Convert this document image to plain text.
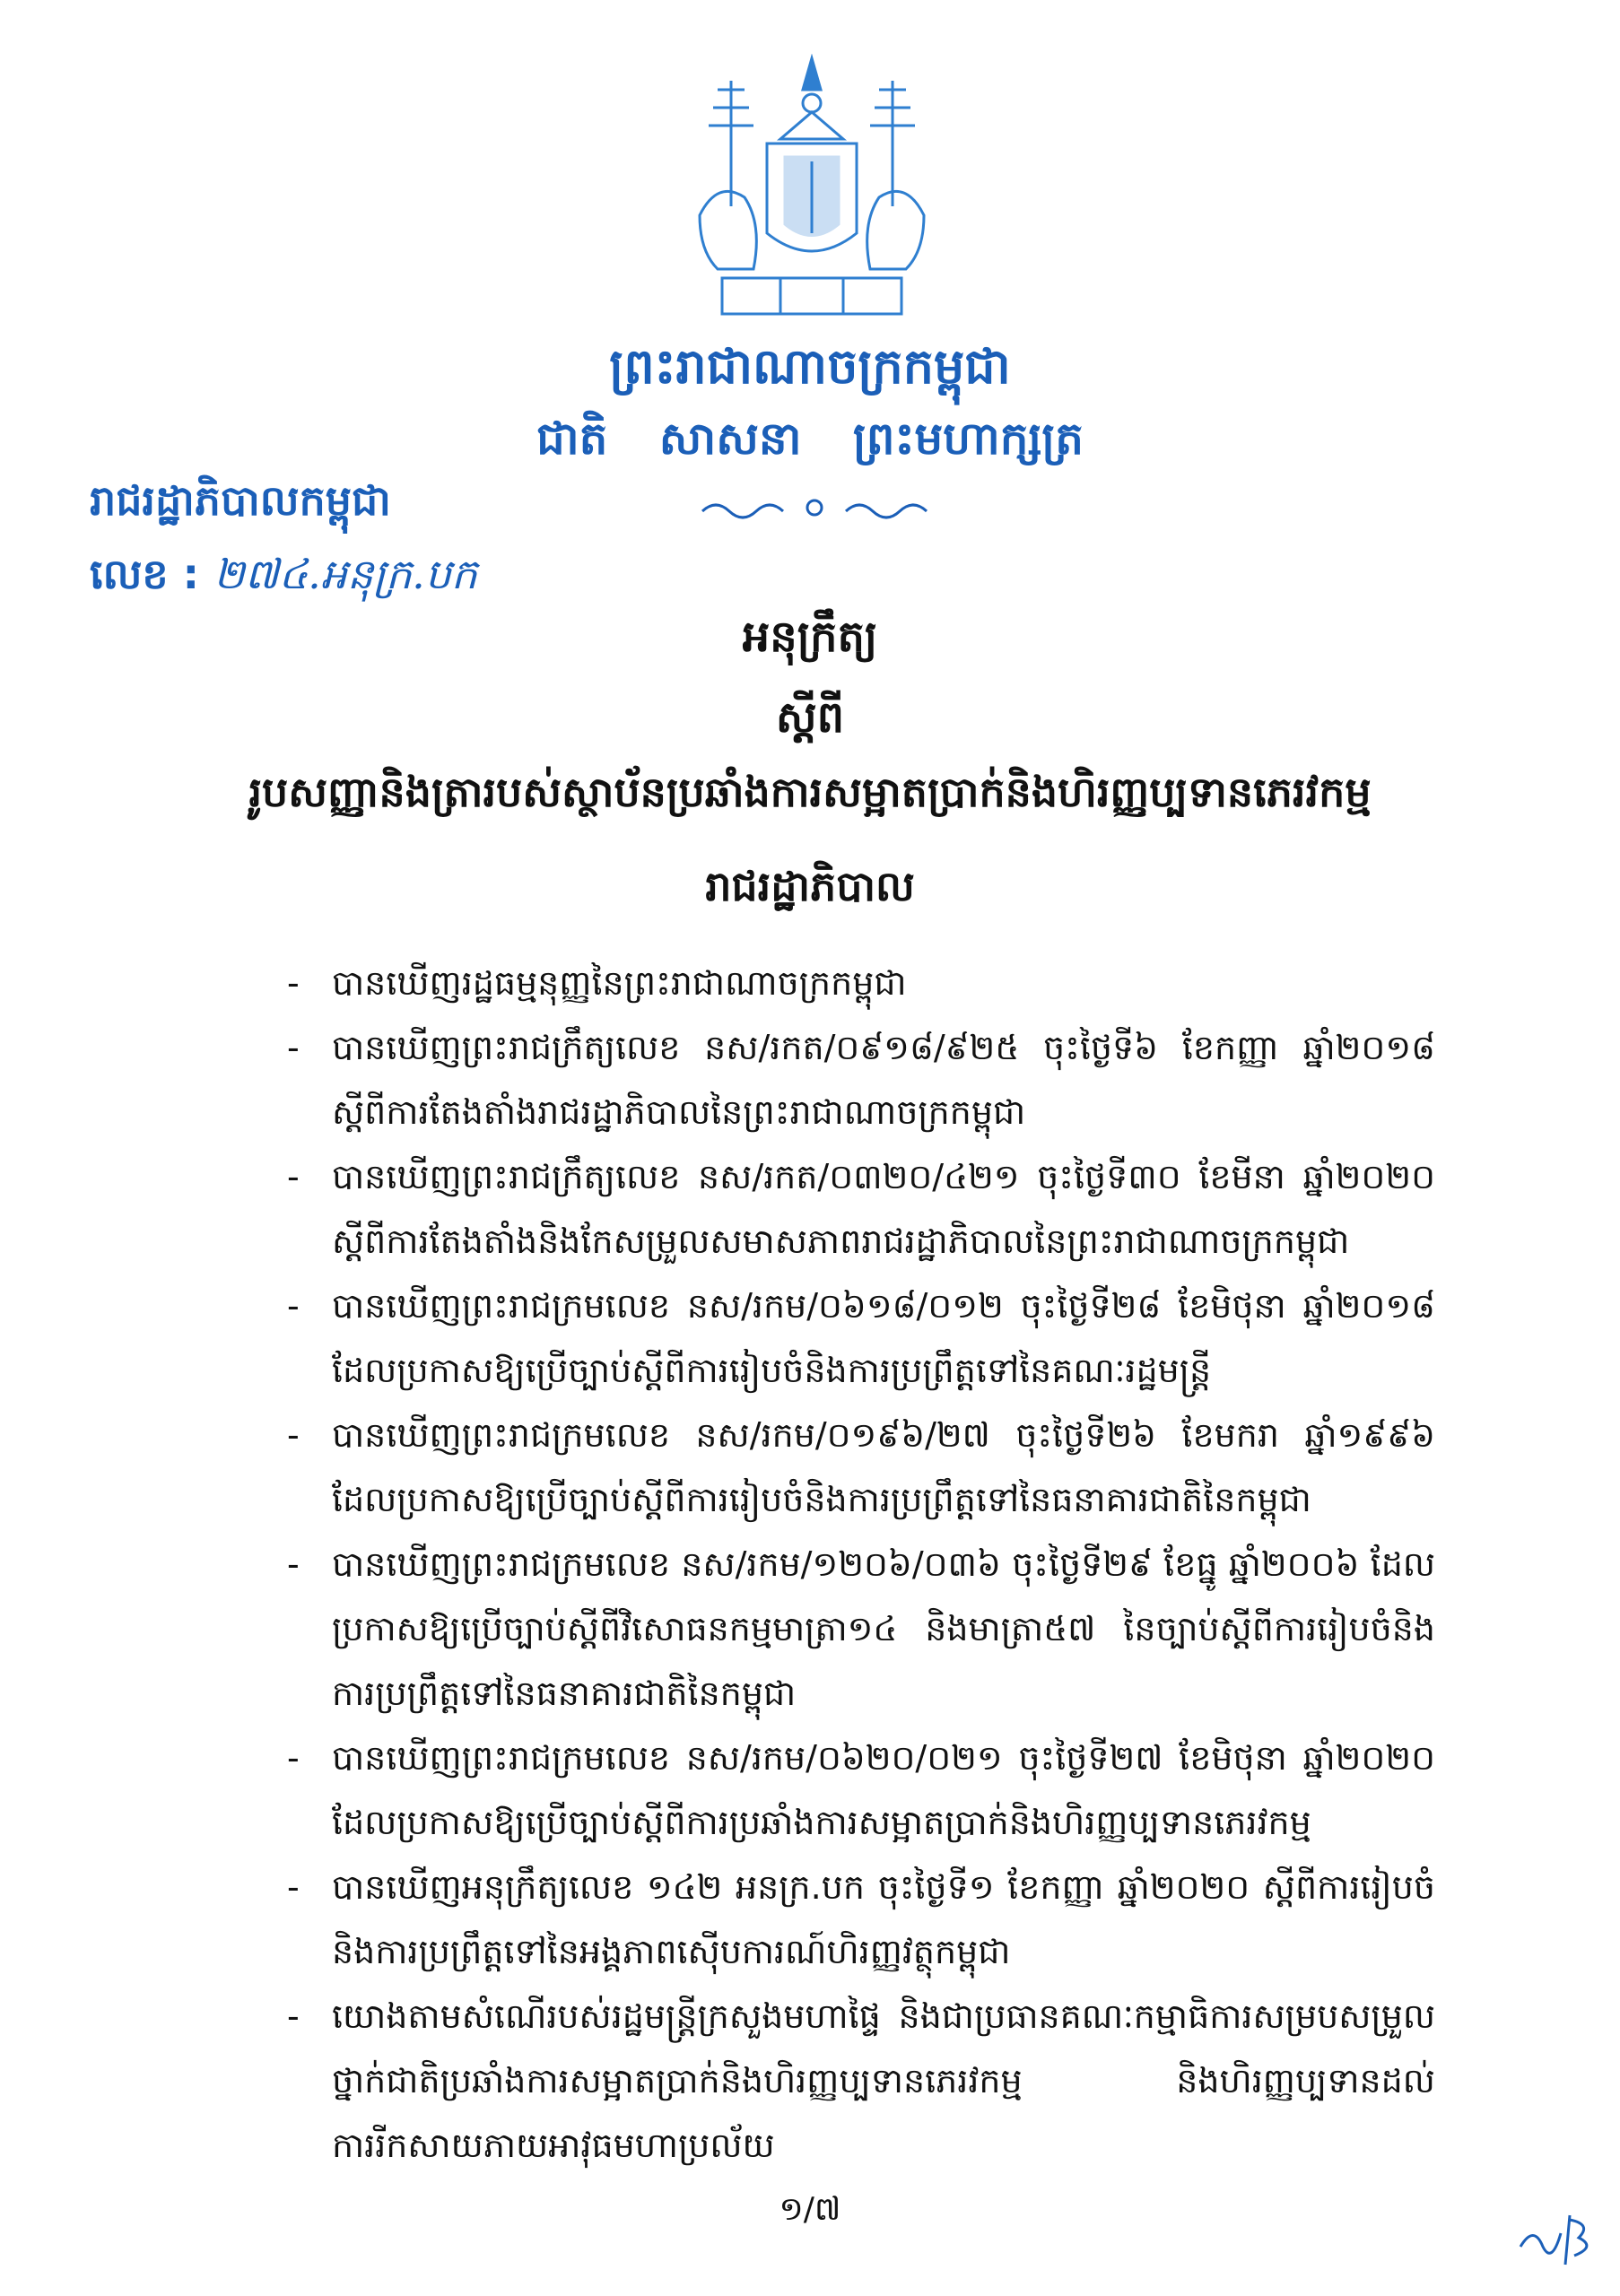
ព្រះរាជាណាចក្រកម្ពុជា
ជាតិ សាសនា ព្រះមហាក្សត្រ
រាជរដ្ឋាភិបាលកម្ពុជា
លេខ : ២៧៤.អនុក្រ.បក
អនុក្រឹត្យ
ស្តីពី
រូបសញ្ញានិងត្រារបស់ស្ថាប័នប្រឆាំងការសម្អាតប្រាក់និងហិរញ្ញប្បទានភេរវកម្ម
រាជរដ្ឋាភិបាល
- បានឃើញរដ្ឋធម្មនុញ្ញនៃព្រះរាជាណាចក្រកម្ពុជា
- បានឃើញព្រះរាជក្រឹត្យលេខ នស/រកត/០៩១៨/៩២៥ ចុះថ្ងៃទី៦ ខែកញ្ញា ឆ្នាំ២០១៨ ស្តីពីការតែងតាំងរាជរដ្ឋាភិបាលនៃព្រះរាជាណាចក្រកម្ពុជា
- បានឃើញព្រះរាជក្រឹត្យលេខ នស/រកត/០៣២០/៤២១ ចុះថ្ងៃទី៣០ ខែមីនា ឆ្នាំ២០២០ ស្តីពីការតែងតាំងនិងកែសម្រួលសមាសភាពរាជរដ្ឋាភិបាលនៃព្រះរាជាណាចក្រកម្ពុជា
- បានឃើញព្រះរាជក្រមលេខ នស/រកម/០៦១៨/០១២ ចុះថ្ងៃទី២៨ ខែមិថុនា ឆ្នាំ២០១៨ ដែលប្រកាសឱ្យប្រើច្បាប់ស្តីពីការរៀបចំនិងការប្រព្រឹត្តទៅនៃគណៈរដ្ឋមន្ត្រី
- បានឃើញព្រះរាជក្រមលេខ នស/រកម/០១៩៦/២៧ ចុះថ្ងៃទី២៦ ខែមករា ឆ្នាំ១៩៩៦ ដែលប្រកាសឱ្យប្រើច្បាប់ស្តីពីការរៀបចំនិងការប្រព្រឹត្តទៅនៃធនាគារជាតិនៃកម្ពុជា
- បានឃើញព្រះរាជក្រមលេខ នស/រកម/១២០៦/០៣៦ ចុះថ្ងៃទី២៩ ខែធ្នូ ឆ្នាំ២០០៦ ដែលប្រកាសឱ្យប្រើច្បាប់ស្តីពីវិសោធនកម្មមាត្រា១៤ និងមាត្រា៥៧ នៃច្បាប់ស្តីពីការរៀបចំនិងការប្រព្រឹត្តទៅនៃធនាគារជាតិនៃកម្ពុជា
- បានឃើញព្រះរាជក្រមលេខ នស/រកម/០៦២០/០២១ ចុះថ្ងៃទី២៧ ខែមិថុនា ឆ្នាំ២០២០ ដែលប្រកាសឱ្យប្រើច្បាប់ស្តីពីការប្រឆាំងការសម្អាតប្រាក់និងហិរញ្ញប្បទានភេរវកម្ម
- បានឃើញអនុក្រឹត្យលេខ ១៤២ អនក្រ.បក ចុះថ្ងៃទី១ ខែកញ្ញា ឆ្នាំ២០២០ ស្តីពីការរៀបចំនិងការប្រព្រឹត្តទៅនៃអង្គភាពស៊ើបការណ៍ហិរញ្ញវត្ថុកម្ពុជា
- យោងតាមសំណើរបស់រដ្ឋមន្ត្រីក្រសួងមហាផ្ទៃ និងជាប្រធានគណៈកម្មាធិការសម្របសម្រួលថ្នាក់ជាតិប្រឆាំងការសម្អាតប្រាក់និងហិរញ្ញប្បទានភេរវកម្ម និងហិរញ្ញប្បទានដល់ការរីកសាយភាយអាវុធមហាប្រល័យ
១/៧
